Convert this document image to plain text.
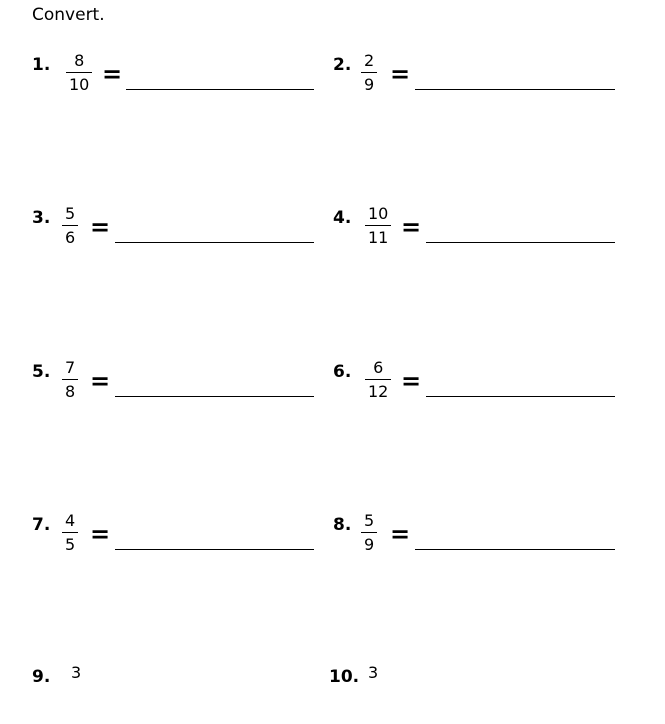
Convert.
1. 8
10 =	2. 2
9 =
3. 5
6 =	4. 10
11 =
5. 7
8 =	6. 6
12 =
7. 4
5 =	8. 5
9 =
9. 3	10. 3
